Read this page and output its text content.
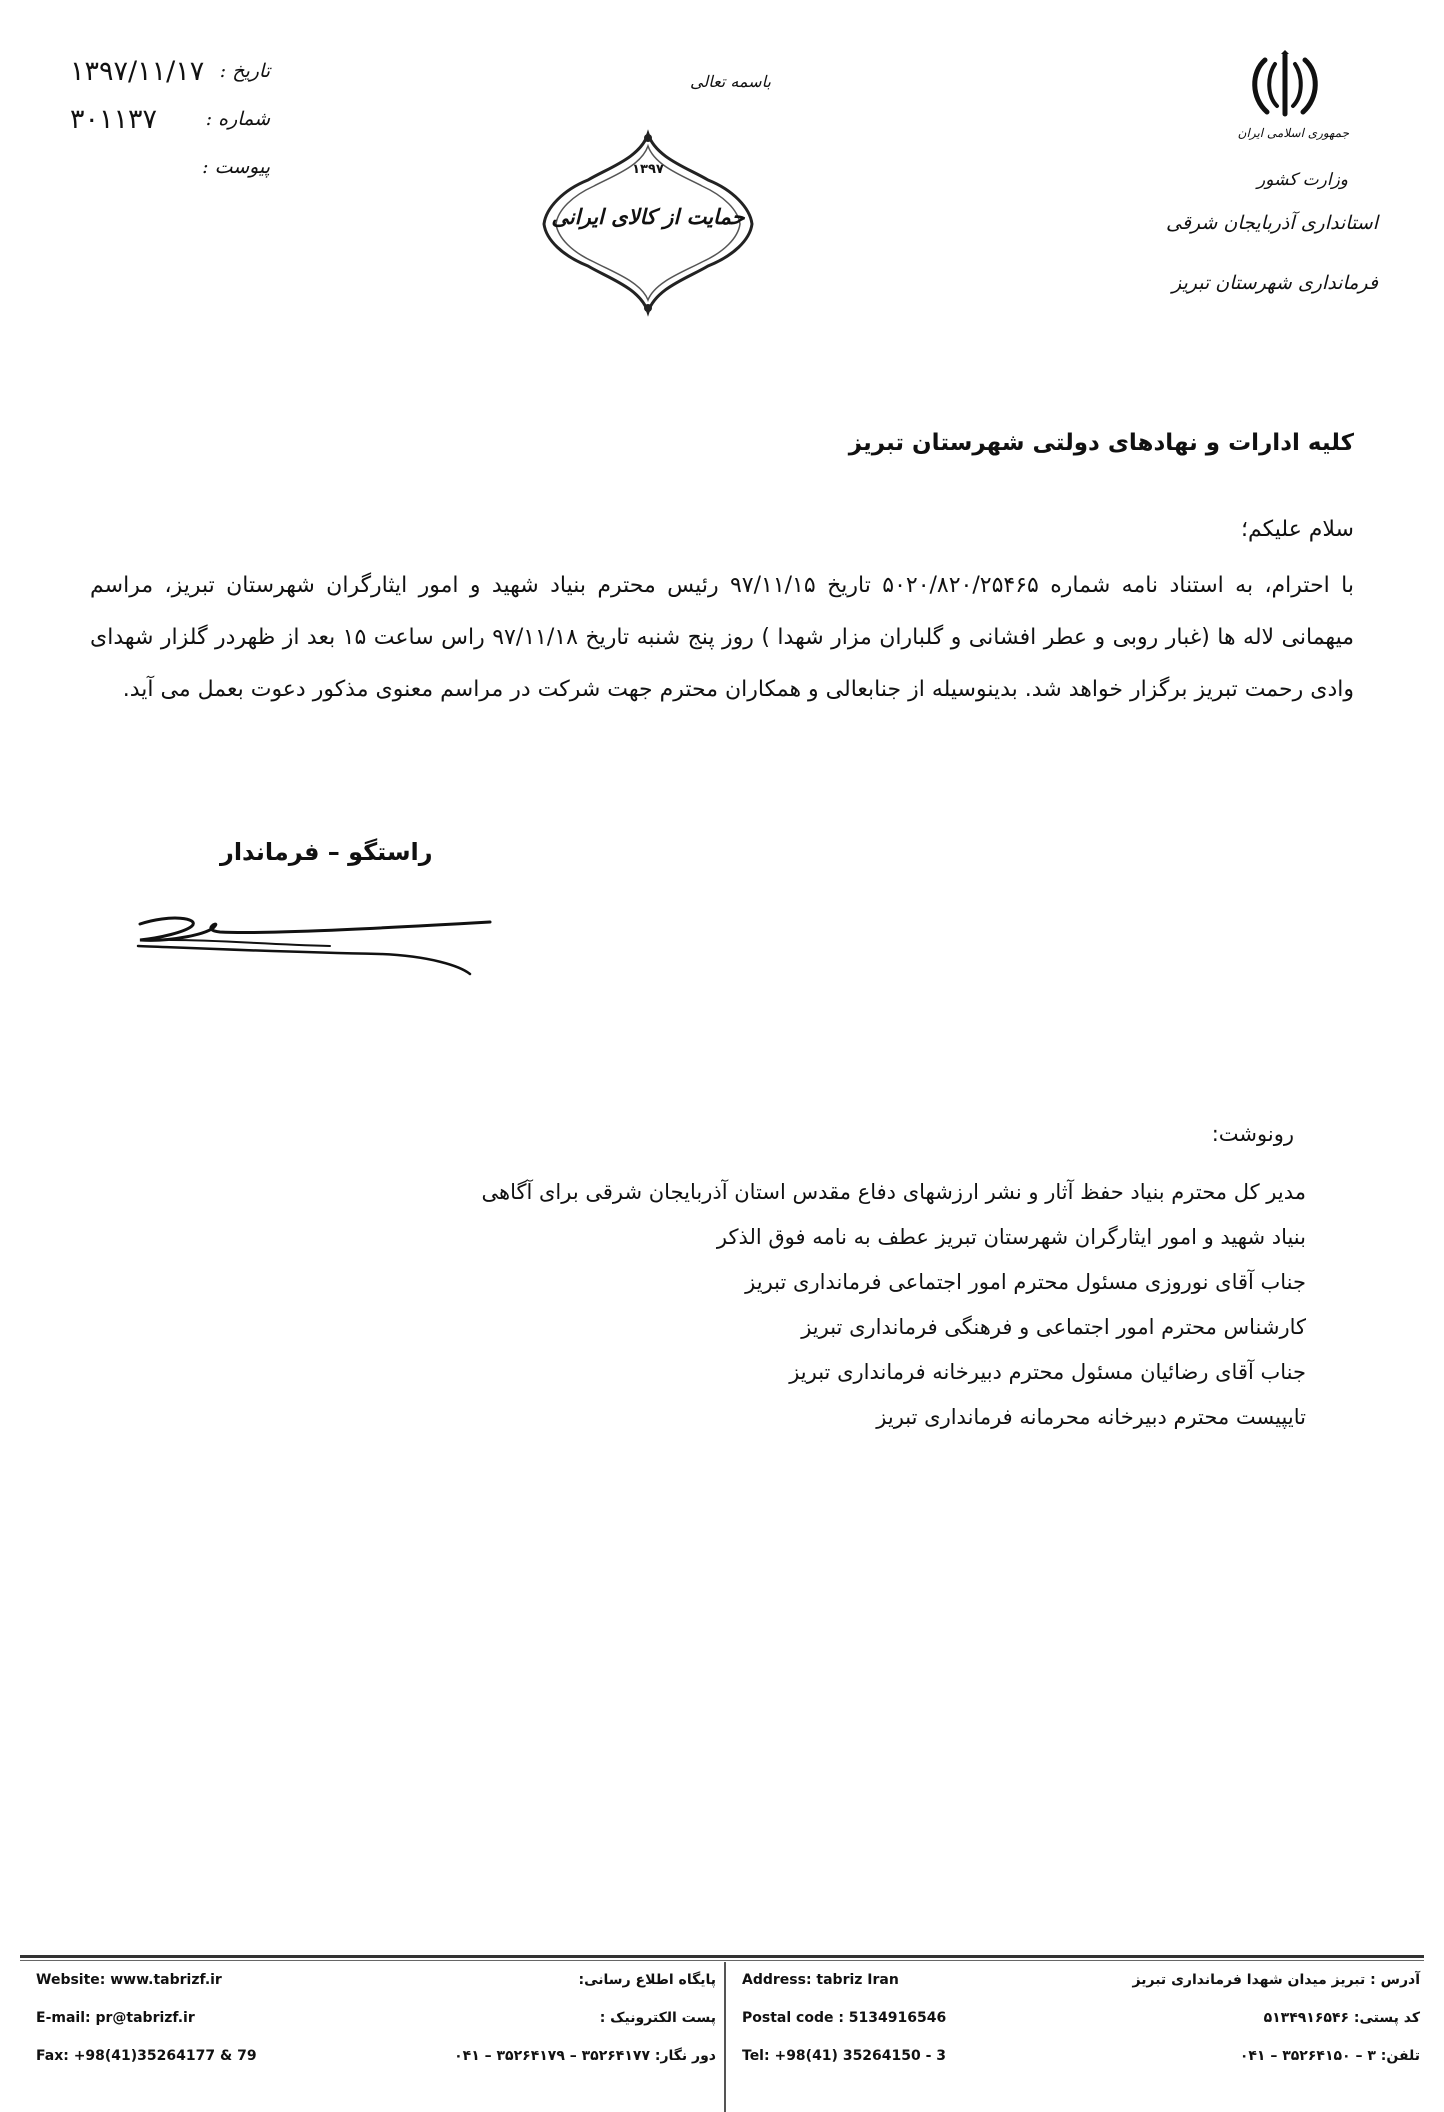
تاریخ :
۱۳۹۷/۱۱/۱۷
شماره :
۳۰۱۱۳۷
پیوست :
باسمه تعالی
۱۳۹۷
حمایت از کالای ایرانی
جمهوری اسلامی ایران
وزارت کشور
استانداری آذربایجان شرقی
فرمانداری شهرستان تبریز
کلیه ادارات و نهادهای دولتی شهرستان تبریز
سلام علیکم؛
با احترام، به استناد نامه شماره ۵۰۲۰/۸۲۰/۲۵۴۶۵ تاریخ ۹۷/۱۱/۱۵ رئیس محترم بنیاد شهید و امور ایثارگران شهرستان تبریز، مراسم میهمانی لاله ها (غبار روبی و عطر افشانی و گلباران مزار شهدا ) روز پنج شنبه تاریخ ۹۷/۱۱/۱۸ راس ساعت ۱۵ بعد از ظهردر گلزار شهدای وادی رحمت تبریز برگزار خواهد شد. بدینوسیله از جنابعالی و همکاران محترم جهت شرکت در مراسم معنوی مذکور دعوت بعمل می آید.
راستگو – فرماندار
رونوشت:
مدیر کل محترم بنیاد حفظ آثار و نشر ارزشهای دفاع مقدس استان آذربایجان شرقی برای آگاهی
بنیاد شهید و امور ایثارگران شهرستان تبریز عطف به نامه فوق الذکر
جناب آقای نوروزی مسئول محترم امور اجتماعی فرمانداری تبریز
کارشناس محترم امور اجتماعی و فرهنگی فرمانداری تبریز
جناب آقای رضائیان مسئول محترم دبیرخانه فرمانداری تبریز
تایپیست محترم دبیرخانه محرمانه فرمانداری تبریز
Website: www.tabrizf.ir
E-mail: pr@tabrizf.ir
Fax: +98(41)35264177 & 79
پایگاه اطلاع رسانی:
پست الکترونیک :
دور نگار: ۳۵۲۶۴۱۷۷ – ۳۵۲۶۴۱۷۹ – ۰۴۱
Address: tabriz Iran
Postal code : 5134916546
Tel: +98(41) 35264150 - 3
آدرس : تبریز میدان شهدا فرمانداری تبریز
کد پستی: ۵۱۳۴۹۱۶۵۴۶
تلفن: ۳ – ۳۵۲۶۴۱۵۰ – ۰۴۱
